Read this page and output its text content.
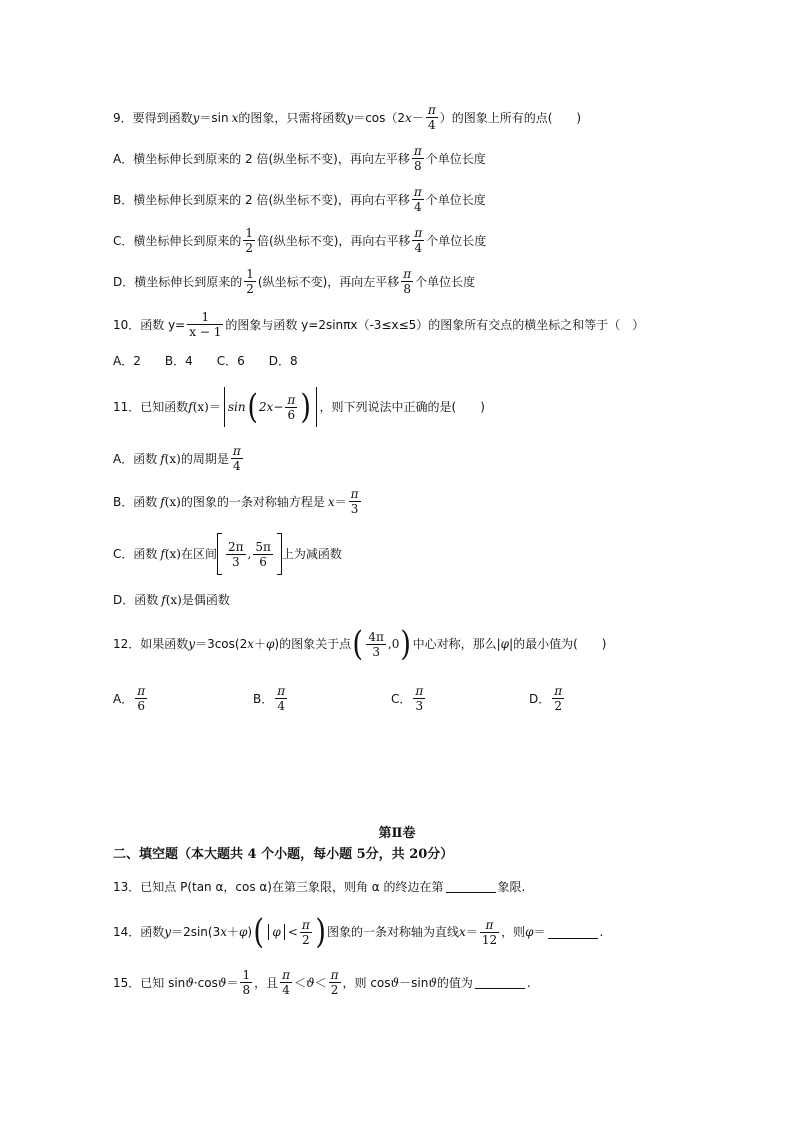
9．要得到函数 y ＝sin x 的图象，只需将函数 y ＝cos（2 $x - \frac{\pi}{4}$ ）的图象上所有的点(　　)
A．横坐标伸长到原来的 2 倍(纵坐标不变)，再向左平移 $\frac{\pi}{8}$ 个单位长度
B．横坐标伸长到原来的 2 倍(纵坐标不变)，再向右平移 $\frac{\pi}{4}$ 个单位长度
C．横坐标伸长到原来的 $\frac{1}{2}$ 倍(纵坐标不变)，再向右平移 $\frac{\pi}{4}$ 个单位长度
D．横坐标伸长到原来的 $\frac{1}{2}$ (纵坐标不变)，再向左平移 $\frac{\pi}{8}$ 个单位长度
10．函数 $y= \frac{1}{x - 1}$ 的图象与函数 y=2sinπx（-3≤x≤5）的图象所有交点的横坐标之和等于（　）
A．2　　B．4　　C．6　　D．8
11．已知函数 f (x) ＝ sin ( 2 $x - \frac{\pi}{6}$ ) ，则下列说法中正确的是(　　)
A．函数 f (x) 的周期是 $\frac{\pi}{4}$
B．函数 f (x) 的图象的一条对称轴方程是 $x = \frac{\pi}{3}$
C．函数 f (x) 在区间 $\frac{2\pi}{3}$ , $\frac{5\pi}{6}$ 上为减函数
D．函数 f (x) 是偶函数
12．如果函数 y ＝3cos(2 x ＋ φ )的图象关于点 ( $\frac{4\pi}{3} ,0$ ) 中心对称，那么| φ |的最小值为(　　)
A． $\frac{\pi}{6}$	B． $\frac{\pi}{4}$	C． $\frac{\pi}{3}$	D． $\frac{\pi}{2}$
第Ⅱ卷
二、填空题（本大题共 4 个小题，每小题 5分，共 20分）
13．已知点 P(tan α，cos α)在第三象限，则角 α 的终边在第	象限.
14．函数 y ＝2sin(3 x ＋ φ ) ( $\varphi < \frac{\pi}{2}$ ) 图象的一条对称轴为直线 $x = \frac{\pi}{12}$ ，则 φ ＝	.
15．已知 sin ϑ ·cos $ϑ = \frac{1}{8}$ ，且 $\frac{\pi}{4} < ϑ < \frac{\pi}{2}$ ，则 cos ϑ －sin ϑ 的值为	.
